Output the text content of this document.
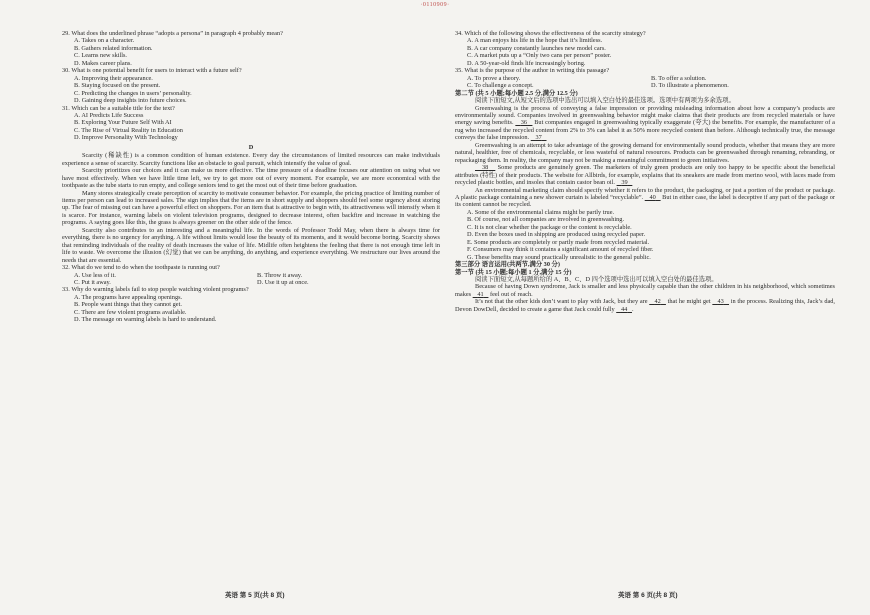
·0110909·

29. What does the underlined phrase “adopts a persona” in paragraph 4 probably mean?

A. Takes on a character.

B. Gathers related information.

C. Learns new skills.

D. Makes career plans.

30. What is one potential benefit for users to interact with a future self?

A. Improving their appearance.

B. Staying focused on the present.

C. Predicting the changes in users’ personality.

D. Gaining deep insights into future choices.

31. Which can be a suitable title for the text?

A. AI Predicts Life Success

B. Exploring Your Future Self With AI

C. The Rise of Virtual Reality in Education

D. Improve Personality With Technology

D

Scarcity (稀缺性) is a common condition of human existence. Every day the circumstances of limited resources can make individuals experience a sense of scarcity. Scarcity functions like an obstacle to goal pursuit, which intensify the value of goal.

Scarcity prioritizes our choices and it can make us more effective. The time pressure of a deadline focuses our attention on using what we have most effectively. When we have little time left, we try to get more out of every moment. For example, we are more economical with the toothpaste as the tube starts to run empty, and college seniors tend to get the most out of their time before graduation.

Many stores strategically create perception of scarcity to motivate consumer behavior. For example, the pricing practice of limiting number of items per person can lead to increased sales. The sign implies that the items are in short supply and shoppers should feel some urgency about storing up. The fear of missing out can have a powerful effect on shoppers. For an item that is attractive to begin with, its attractiveness will intensify when it is scarce. For instance, warning labels on violent television programs, designed to decrease interest, often backfire and increase in watching the programs. A saying goes like this, the grass is always greener on the other side of the fence.

Scarcity also contributes to an interesting and a meaningful life. In the words of Professor Todd May, when there is always time for everything, there is no urgency for anything. A life without limits would lose the beauty of its moments, and it would become boring. Scarcity shows that reminding individuals of the reality of death increases the value of life. Midlife often heightens the feeling that there is not enough time left in life to waste. We overcome the illusion (幻觉) that we can be anything, do anything, and experience everything. We restructure our lives around the needs that are essential.

32. What do we tend to do when the toothpaste is running out?

A. Use less of it.	B. Throw it away.
C. Put it away.	D. Use it up at once.

33. Why do warning labels fail to stop people watching violent programs?

A. The programs have appealing openings.

B. People want things that they cannot get.

C. There are few violent programs available.

D. The message on warning labels is hard to understand.

34. Which of the following shows the effectiveness of the scarcity strategy?

A. A man enjoys his life in the hope that it’s limitless.

B. A car company constantly launches new model cars.

C. A market puts up a “Only two cans per person” poster.

D. A 50-year-old finds life increasingly boring.

35. What is the purpose of the author in writing this passage?

A. To prove a theory.	B. To offer a solution.
C. To challenge a concept.	D. To illustrate a phenomenon.

第二节 (共 5 小题;每小题 2.5 分,满分 12.5 分)

阅读下面短文,从短文后的选项中选出可以填入空白处的最佳选项。选项中有两项为多余选项。

Greenwashing is the process of conveying a false impression or providing misleading information about how a company’s products are environmentally sound. Companies involved in greenwashing behavior might make claims that their products are from recycled materials or have energy saving benefits. 36 But companies engaged in greenwashing typically exaggerate (夸大) the benefits. For example, the manufacturer of a rug who increased the recycled content from 2% to 3% can label it as 50% more recycled content than before. Although technically true, the message conveys the false impression. 37

Greenwashing is an attempt to take advantage of the growing demand for environmentally sound products, whether that means they are more natural, healthier, free of chemicals, recyclable, or less wasteful of natural resources. Products can be greenwashed through renaming, rebranding, or repackaging them. In reality, the company may not be making a meaningful commitment to green initiatives.

38 Some products are genuinely green. The marketers of truly green products are only too happy to be specific about the beneficial attributes (特性) of their products. The website for Allbirds, for example, explains that its sneakers are made from merino wool, with laces made from recycled plastic bottles, and insoles that contain castor bean oil. 39

An environmental marketing claim should specify whether it refers to the product, the packaging, or just a portion of the product or package. A plastic package containing a new shower curtain is labeled “recyclable”. 40 But in either case, the label is deceptive if any part of the package or its content cannot be recycled.

A. Some of the environmental claims might be partly true.

B. Of course, not all companies are involved in greenwashing.

C. It is not clear whether the package or the content is recyclable.

D. Even the boxes used in shipping are produced using recycled paper.

E. Some products are completely or partly made from recycled material.

F. Consumers may think it contains a significant amount of recycled fiber.

G. These benefits may sound practically unrealistic to the general public.

第三部分 语言运用(共两节,满分 30 分)

第一节 (共 15 小题;每小题 1 分,满分 15 分)

阅读下面短文,从每题所给的 A、B、C、D 四个选项中选出可以填入空白处的最佳选项。

Because of having Down syndrome, Jack is smaller and less physically capable than the other children in his neighborhood, which sometimes makes 41 feel out of reach.

It’s not that the other kids don’t want to play with Jack, but they are 42 that he might get 43 in the process. Realizing this, Jack’s dad, Devon DowDell, decided to create a game that Jack could fully 44 .

英语 第 5 页(共 8 页)	英语 第 6 页(共 8 页)
